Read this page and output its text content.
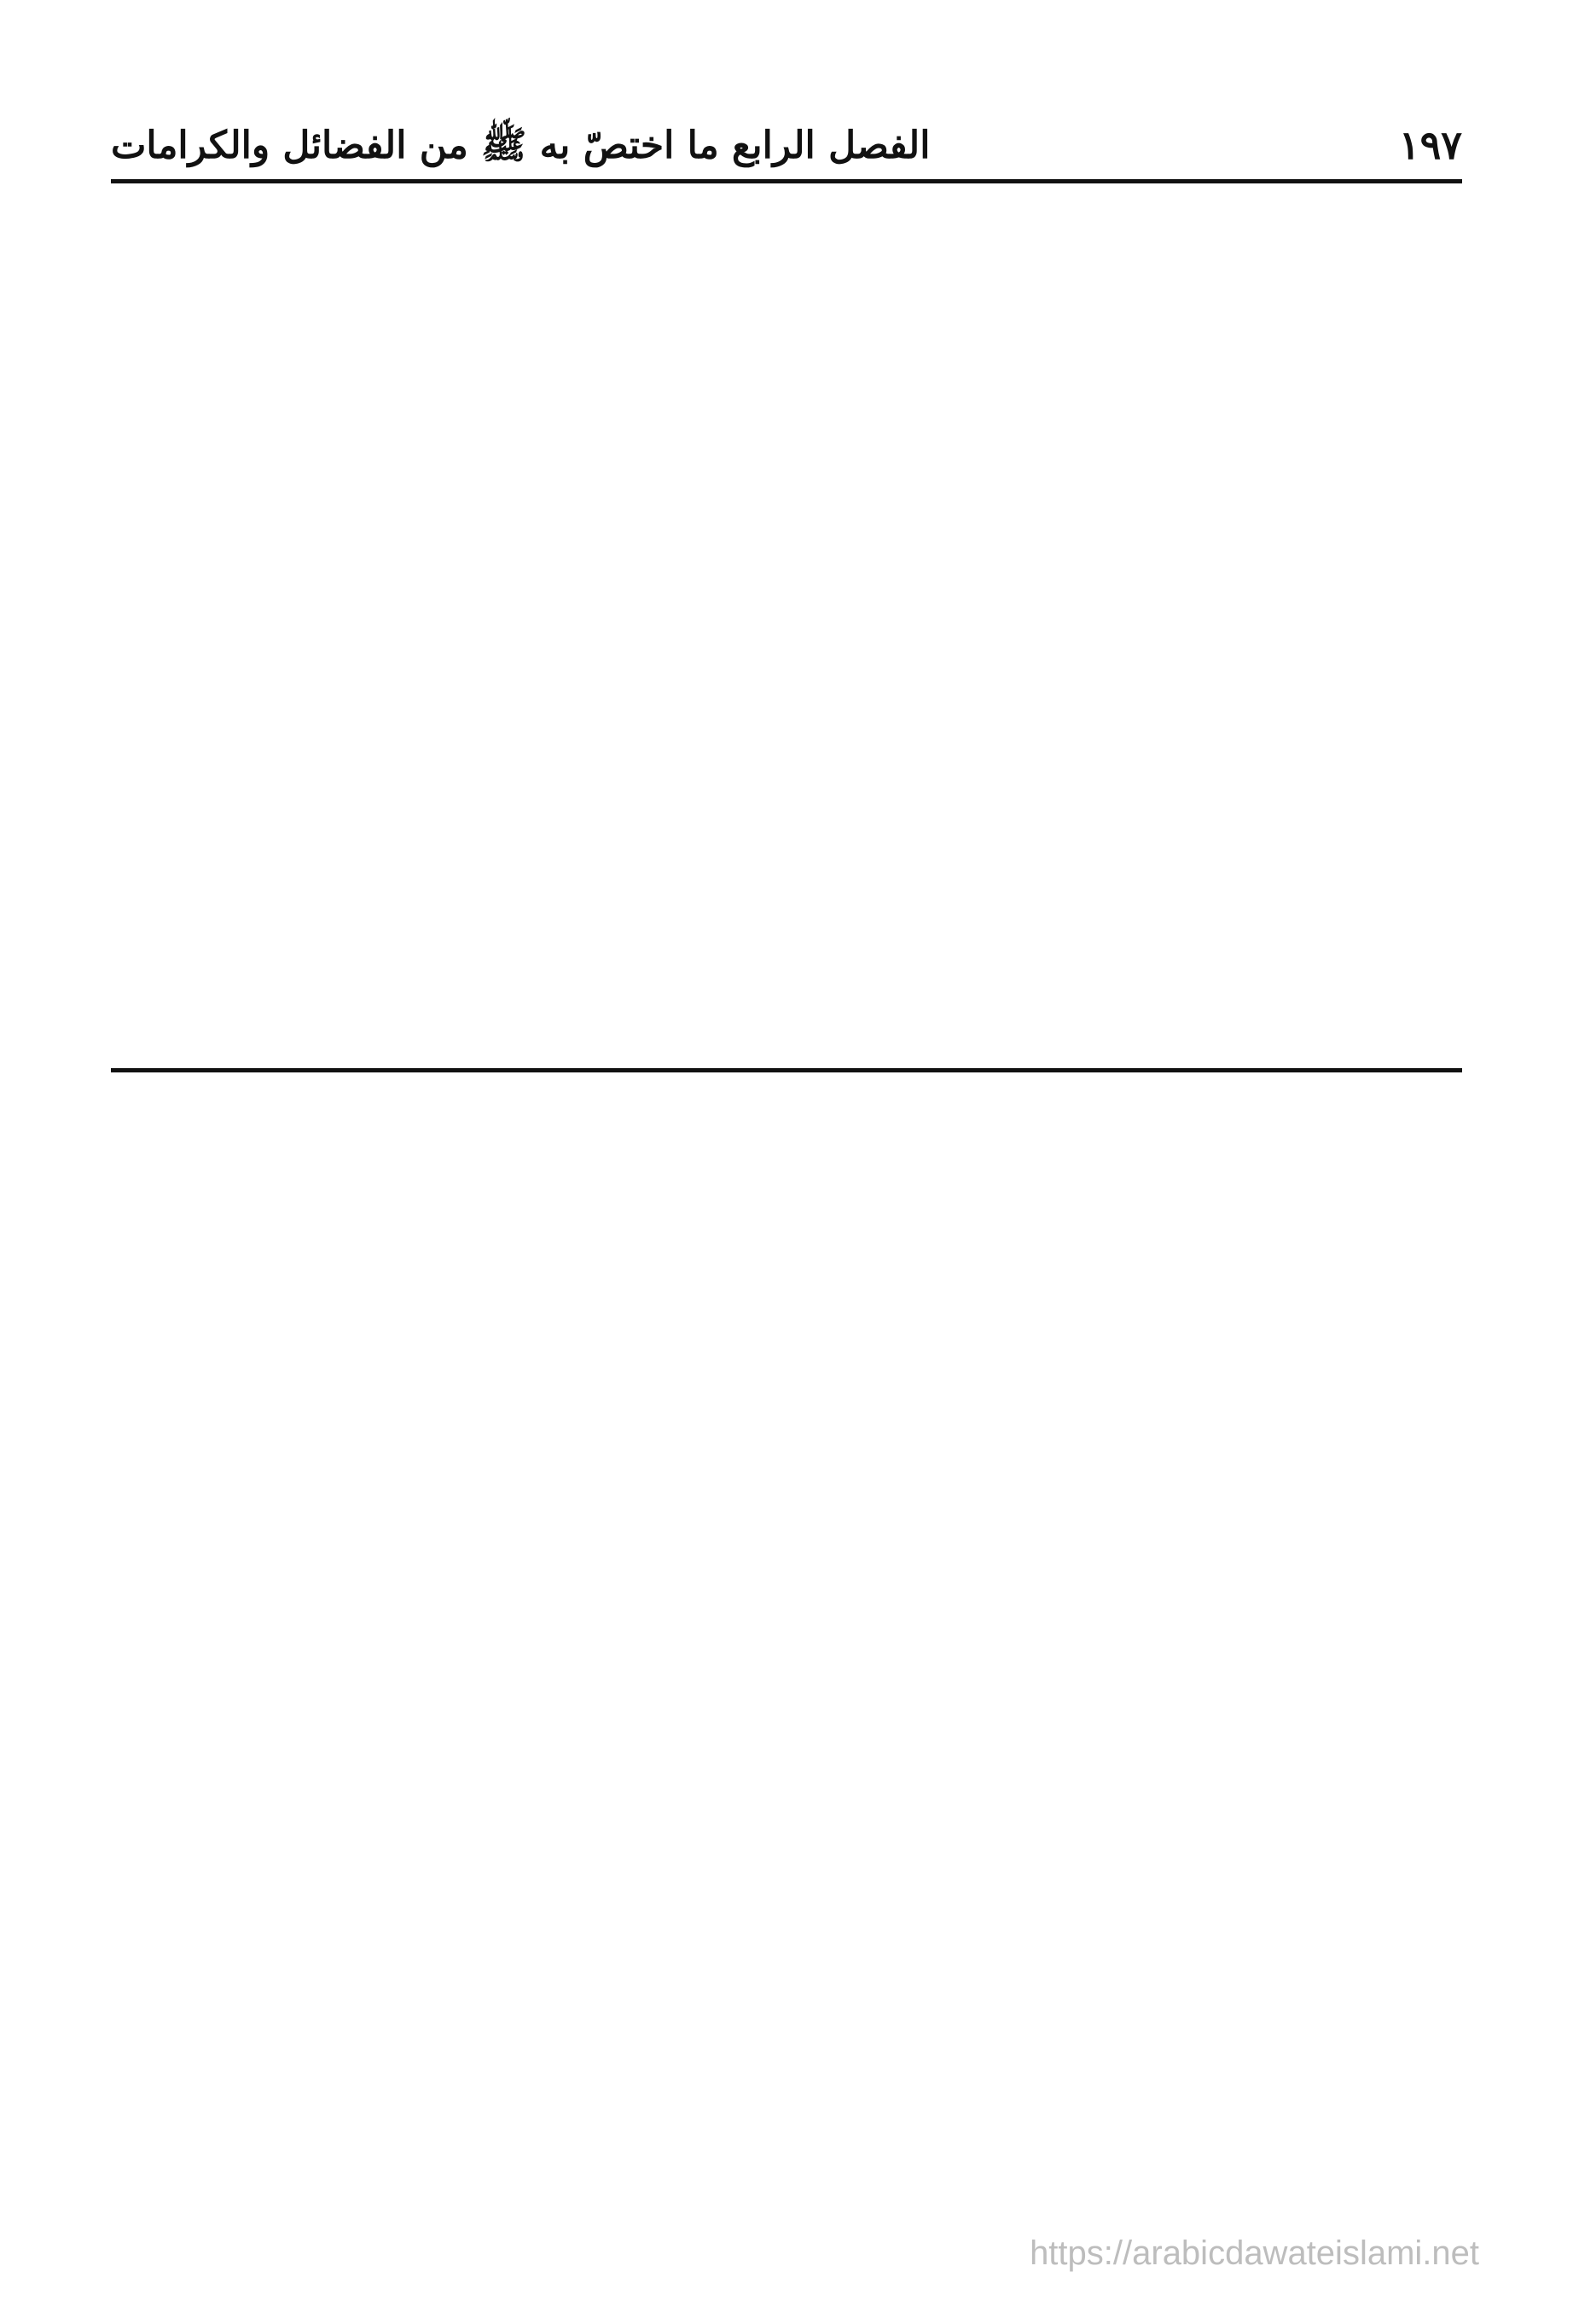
الفصل الرابع ما اختصّ به ﷺ من الفضائل والكرامات	١٩٧

https://arabicdawateislami.net
